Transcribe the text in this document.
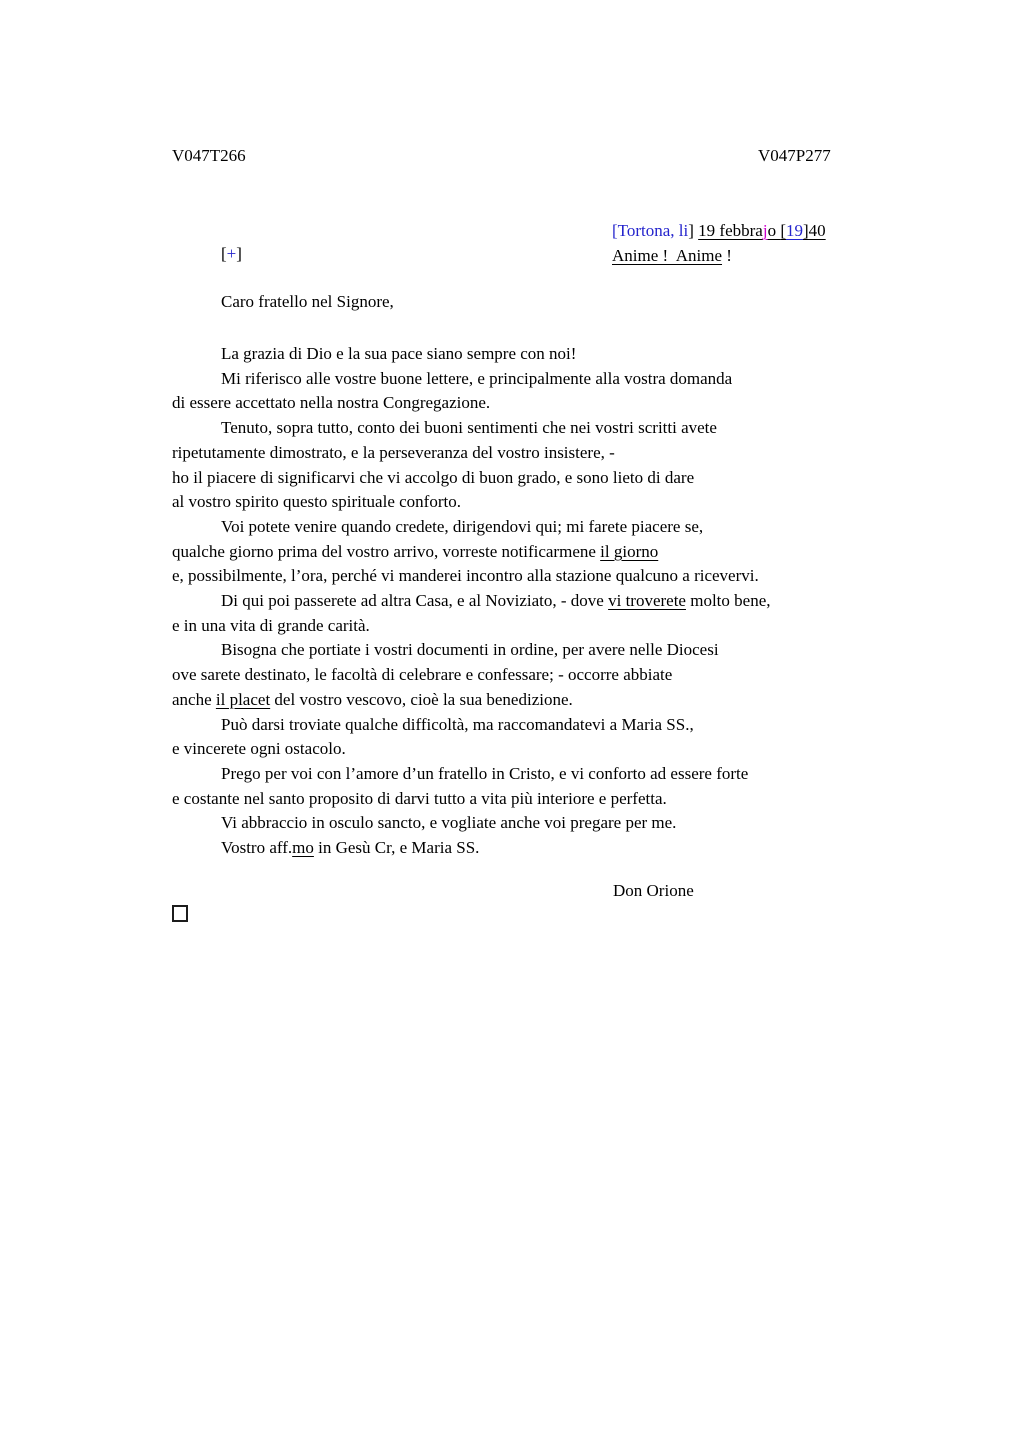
V047T266	V047P277
[Tortona, li] 19 febbrajo [19]40
Anime !  Anime !
[+]
Caro fratello nel Signore,
La grazia di Dio e la sua pace siano sempre con noi!
Mi riferisco alle vostre buone lettere, e principalmente alla vostra domanda
di essere accettato nella nostra Congregazione.
Tenuto, sopra tutto, conto dei buoni sentimenti che nei vostri scritti avete
ripetutamente dimostrato, e la perseveranza del vostro insistere, -
ho il piacere di significarvi che vi accolgo di buon grado, e sono lieto di dare
al vostro spirito questo spirituale conforto.
Voi potete venire quando credete, dirigendovi qui; mi farete piacere se,
qualche giorno prima del vostro arrivo, vorreste notificarmene il giorno
e, possibilmente, l’ora, perché vi manderei incontro alla stazione qualcuno a ricevervi.
Di qui poi passerete ad altra Casa, e al Noviziato, - dove vi troverete molto bene,
e in una vita di grande carità.
Bisogna che portiate i vostri documenti in ordine, per avere nelle Diocesi
ove sarete destinato, le facoltà di celebrare e confessare; - occorre abbiate
anche il placet del vostro vescovo, cioè la sua benedizione.
Può darsi troviate qualche difficoltà, ma raccomandatevi a Maria SS.,
e vincerete ogni ostacolo.
Prego per voi con l’amore d’un fratello in Cristo, e vi conforto ad essere forte
e costante nel santo proposito di darvi tutto a vita più interiore e perfetta.
Vi abbraccio in osculo sancto, e vogliate anche voi pregare per me.
Vostro aff.mo in Gesù Cr, e Maria SS.
Don Orione
